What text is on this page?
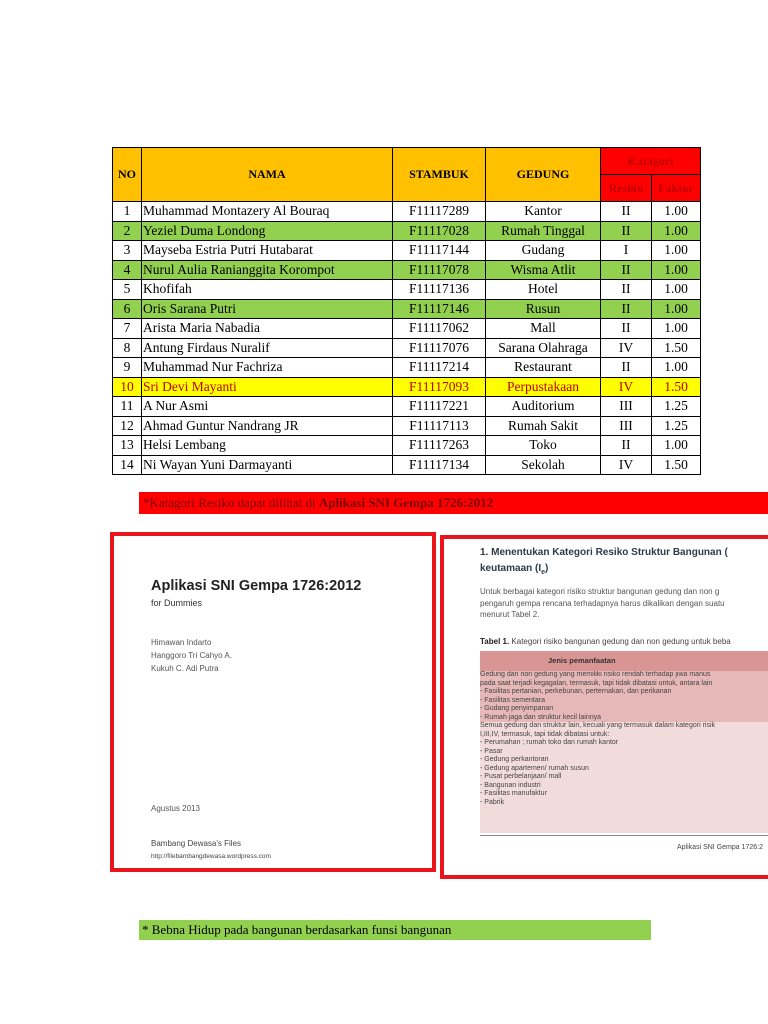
NO	NAMA	STAMBUK	GEDUNG	Katagori	
				Resiko	Faktor
1	Muhammad Montazery Al Bouraq	F11117289	Kantor	II	1.00
2	Yeziel Duma Londong	F11117028	Rumah Tinggal	II	1.00
3	Mayseba Estria Putri Hutabarat	F11117144	Gudang	I	1.00
4	Nurul Aulia Ranianggita Korompot	F11117078	Wisma Atlit	II	1.00
5	Khofifah	F11117136	Hotel	II	1.00
6	Oris Sarana Putri	F11117146	Rusun	II	1.00
7	Arista Maria Nabadia	F11117062	Mall	II	1.00
8	Antung Firdaus Nuralif	F11117076	Sarana Olahraga	IV	1.50
9	Muhammad Nur Fachriza	F11117214	Restaurant	II	1.00
10	Sri Devi Mayanti	F11117093	Perpustakaan	IV	1.50
11	A Nur Asmi	F11117221	Auditorium	III	1.25
12	Ahmad Guntur Nandrang JR	F11117113	Rumah Sakit	III	1.25
13	Helsi Lembang	F11117263	Toko	II	1.00
14	Ni Wayan Yuni Darmayanti	F11117134	Sekolah	IV	1.50
*Katagori Resiko dapat dilihat di Aplikasi SNI Gempa 1726:2012
Aplikasi SNI Gempa 1726:2012
for Dummies
Himawan Indarto
Hanggoro Tri Cahyo A.
Kukuh C. Adi Putra
Agustus 2013
Bambang Dewasa's Files
http://filebambangdewasa.wordpress.com
1. Menentukan Kategori Resiko Struktur Bangunan (
keutamaan $(I_e)$
Untuk berbagai kategori risiko struktur bangunan gedung dan non g
pengaruh gempa rencana terhadapnya harus dikalikan dengan suatu
menurut Tabel 2.
Tabel 1. Kategori risiko bangunan gedung dan non gedung untuk beba
Jenis pemanfaatan
Gedung dan non gedung yang memiliki risiko rendah terhadap jiwa manus
pada saat terjadi kegagalan, termasuk, tapi tidak dibatasi untuk, antara lain
- Fasilitas pertanian, perkebunan, perternakan, dan perikanan
- Fasilitas sementara
- Gudang penyimpanan
- Rumah jaga dan struktur kecil lainnya
Semua gedung dan struktur lain, kecuali yang termasuk dalam kategori risik
I,III,IV, termasuk, tapi tidak dibatasi untuk:
- Perumahan ; rumah toko dan rumah kantor
- Pasar
- Gedung perkantoran
- Gedung apartemen/ rumah susun
- Pusat perbelanjaan/ mall
- Bangunan industri
- Fasilitas manufaktur
- Pabrik
Aplikasi SNI Gempa 1726:2
* Bebna Hidup pada bangunan berdasarkan funsi bangunan
